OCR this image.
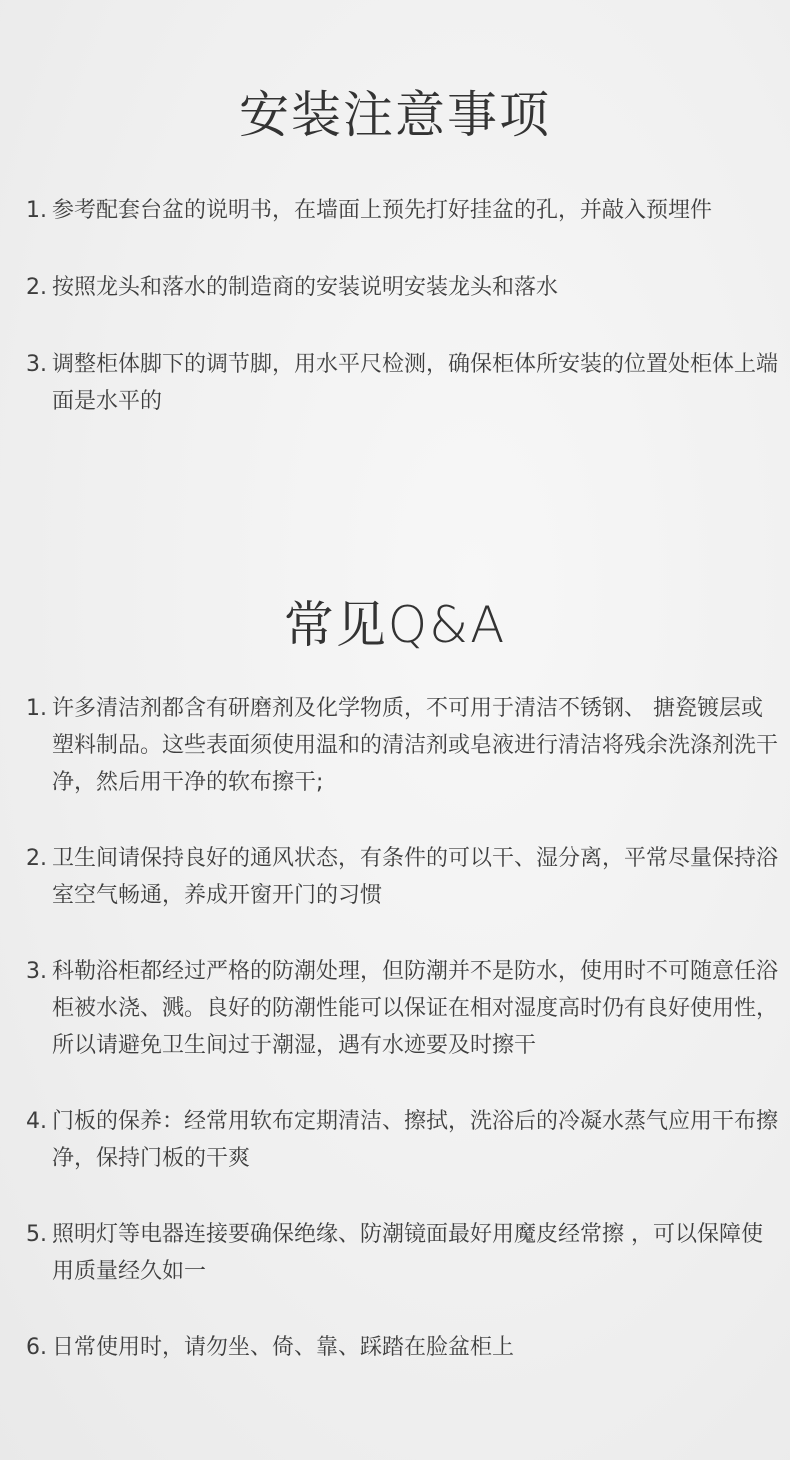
安装注意事项
1. 参考配套台盆的说明书，在墙面上预先打好挂盆的孔，并敲入预埋件
2. 按照龙头和落水的制造商的安装说明安装龙头和落水
3. 调整柜体脚下的调节脚，用水平尺检测，确保柜体所安装的位置处柜体上端面是水平的
常见Q&A
1. 许多清洁剂都含有研磨剂及化学物质，不可用于清洁不锈钢、 搪瓷镀层或 塑料制品。这些表面须使用温和的清洁剂或皂液进行清洁将残余洗涤剂洗干净，然后用干净的软布擦干;
2. 卫生间请保持良好的通风状态，有条件的可以干、湿分离，平常尽量保持浴室空气畅通，养成开窗开门的习惯
3. 科勒浴柜都经过严格的防潮处理，但防潮并不是防水，使用时不可随意任浴柜被水浇、溅。良好的防潮性能可以保证在相对湿度高时仍有良好使用性，所以请避免卫生间过于潮湿，遇有水迹要及时擦干
4. 门板的保养：经常用软布定期清洁、擦拭，洗浴后的冷凝水蒸气应用干布擦净，保持门板的干爽
5. 照明灯等电器连接要确保绝缘、防潮镜面最好用魔皮经常擦 ，可以保障使用质量经久如一
6. 日常使用时，请勿坐、倚、靠、踩踏在脸盆柜上
